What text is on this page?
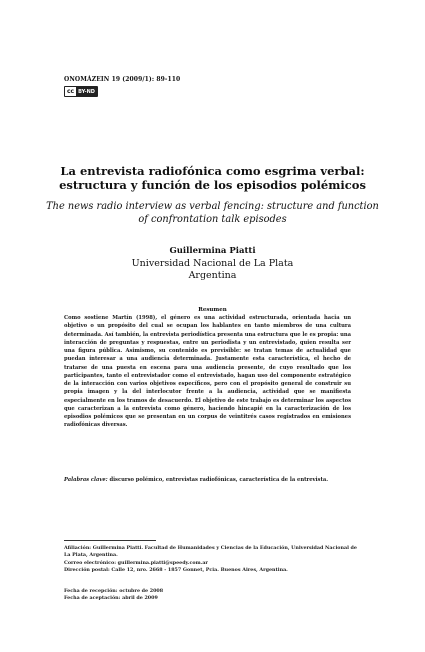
ONOMÁZEIN 19 (2009/1): 89-110
cc BY-ND
La entrevista radiofónica como esgrima verbal: estructura y función de los episodios polémicos
The news radio interview as verbal fencing: structure and function of confrontation talk episodes
Guillermina Piatti
Universidad Nacional de La Plata
Argentina
Resumen
Como sostiene Martín (1998), el género es una actividad estructurada, orientada hacia un objetivo o un propósito del cual se ocupan los hablantes en tanto miembros de una cultura determinada. Así también, la entrevista periodística presenta una estructura que le es propia: una interacción de preguntas y respuestas, entre un periodista y un entrevistado, quien resulta ser una figura pública. Asimismo, su contenido es previsible: se tratan temas de actualidad que puedan interesar a una audiencia determinada. Justamente esta característica, el hecho de tratarse de una puesta en escena para una audiencia presente, de cuyo resultado que los participantes, tanto el entrevistador como el entrevistado, hagan uso del componente estratégico de la interacción con varios objetivos específicos, pero con el propósito general de construir su propia imagen y la del interlocutor frente a la audiencia, actividad que se manifiesta especialmente en los tramos de desacuerdo. El objetivo de este trabajo es determinar los aspectos que caracterizan a la entrevista como género, haciendo hincapié en la caracterización de los episodios polémicos que se presentan en un corpus de veintitrés casos registrados en emisiones radiofónicas diversas.
Palabras clave: discurso polémico, entrevistas radiofónicas, característica de la entrevista.
Afiliación: Guillermina Piatti. Facultad de Humanidades y Ciencias de la Educación, Universidad Nacional de La Plata, Argentina.
Correo electrónico: guillermina.piatti@speedy.com.ar
Dirección postal: Calle 12, nro. 2668 - 1857 Gonnet, Pcia. Buenos Aires, Argentina.
Fecha de recepción: octubre de 2008
Fecha de aceptación: abril de 2009
